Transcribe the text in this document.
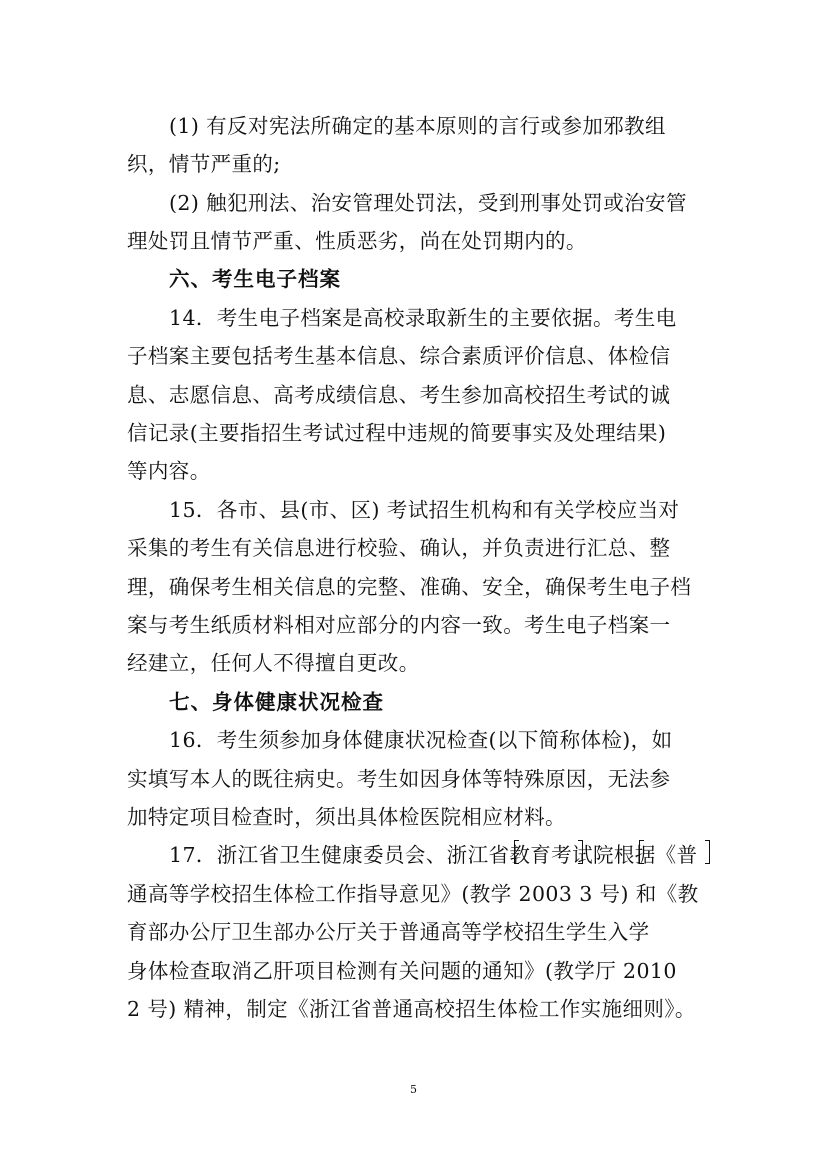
(1) 有反对宪法所确定的基本原则的言行或参加邪教组
织，情节严重的;
(2) 触犯刑法、治安管理处罚法，受到刑事处罚或治安管
理处罚且情节严重、性质恶劣，尚在处罚期内的。
六、考生电子档案
14．考生电子档案是高校录取新生的主要依据。考生电
子档案主要包括考生基本信息、综合素质评价信息、体检信
息、志愿信息、高考成绩信息、考生参加高校招生考试的诚
信记录(主要指招生考试过程中违规的简要事实及处理结果)
等内容。
15．各市、县(市、区) 考试招生机构和有关学校应当对
采集的考生有关信息进行校验、确认，并负责进行汇总、整
理，确保考生相关信息的完整、准确、安全，确保考生电子档
案与考生纸质材料相对应部分的内容一致。考生电子档案一
经建立，任何人不得擅自更改。
七、身体健康状况检查
16．考生须参加身体健康状况检查(以下简称体检)，如
实填写本人的既往病史。考生如因身体等特殊原因，无法参
加特定项目检查时，须出具体检医院相应材料。
17．浙江省卫生健康委员会、浙江省教育考试院根据《普
通高等学校招生体检工作指导意见》(教学 2003 3 号) 和《教
育部办公厅卫生部办公厅关于普通高等学校招生学生入学
身体检查取消乙肝项目检测有关问题的通知》(教学厅 2010
2 号) 精神，制定《浙江省普通高校招生体检工作实施细则》。
5
